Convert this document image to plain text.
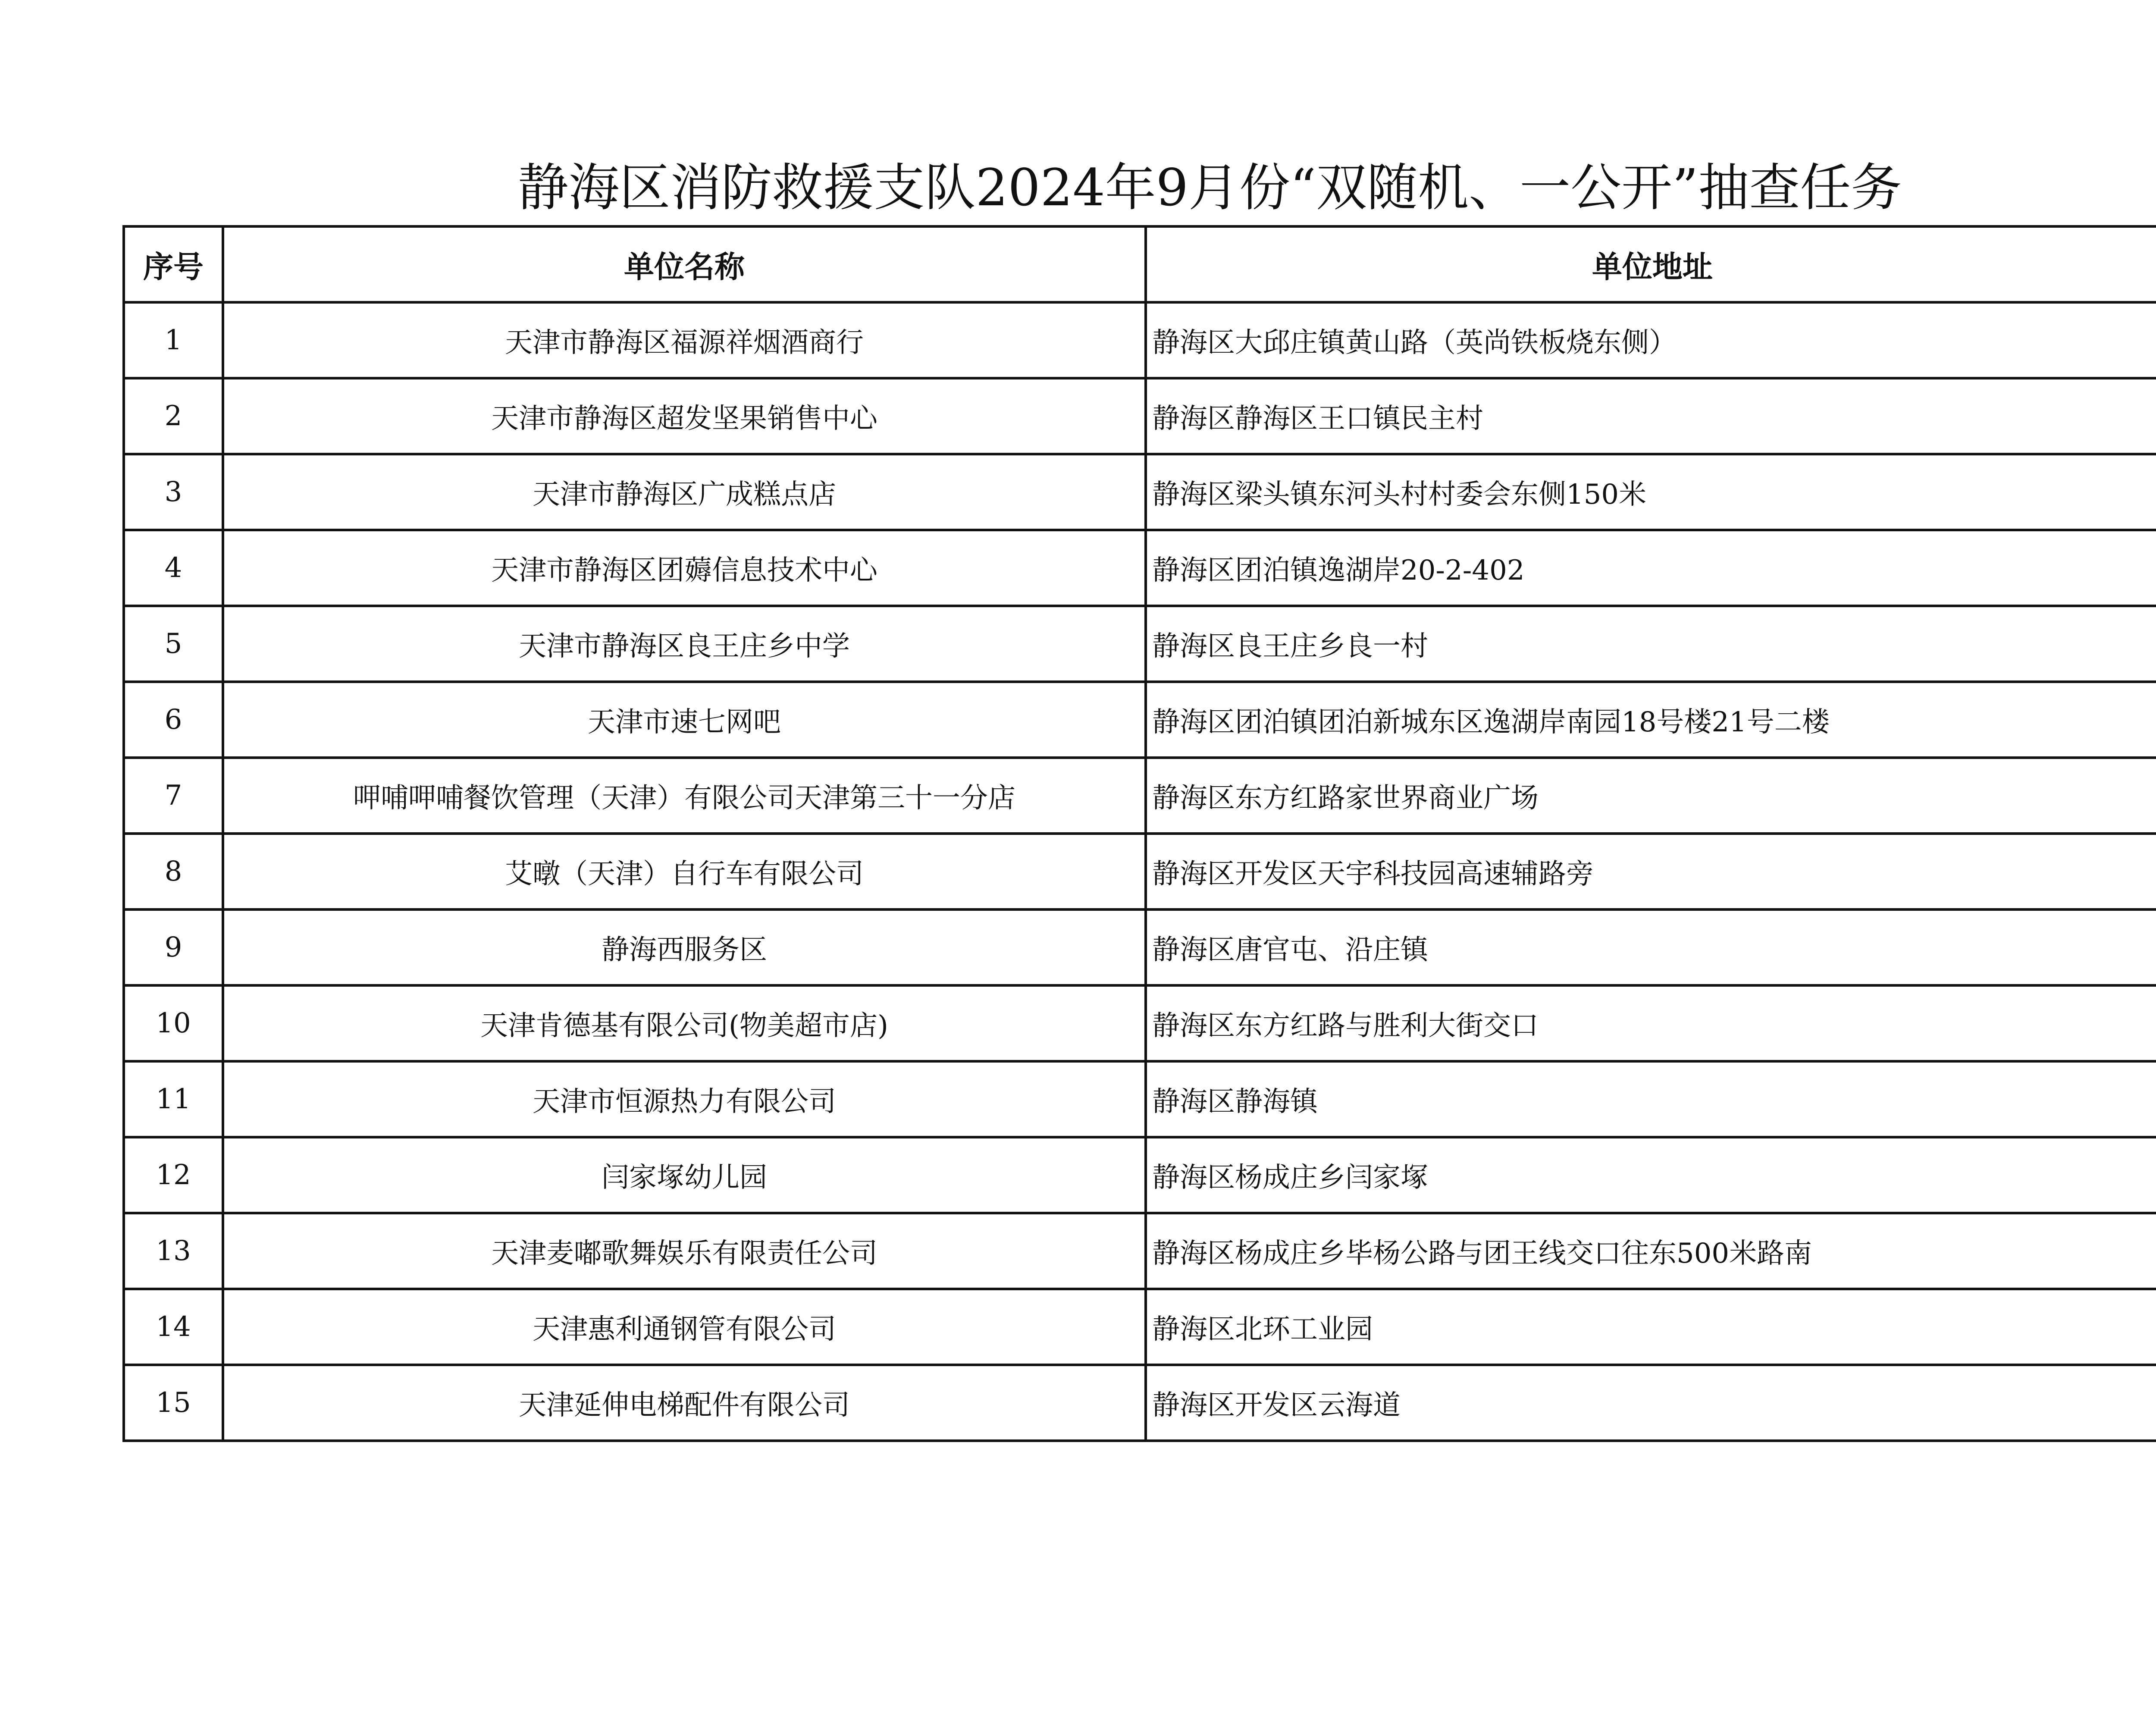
静海区消防救援支队2024年9月份“双随机、一公开”抽查任务
序号	单位名称	单位地址	
1	天津市静海区福源祥烟酒商行	静海区大邱庄镇黄山路（英尚铁板烧东侧）	
2	天津市静海区超发坚果销售中心	静海区静海区王口镇民主村	
3	天津市静海区广成糕点店	静海区梁头镇东河头村村委会东侧150米	
4	天津市静海区团薅信息技术中心	静海区团泊镇逸湖岸20-2-402	
5	天津市静海区良王庄乡中学	静海区良王庄乡良一村	
6	天津市速七网吧	静海区团泊镇团泊新城东区逸湖岸南园18号楼21号二楼	
7	呷哺呷哺餐饮管理（天津）有限公司天津第三十一分店	静海区东方红路家世界商业广场	
8	艾暾（天津）自行车有限公司	静海区开发区天宇科技园高速辅路旁	
9	静海西服务区	静海区唐官屯、沿庄镇	
10	天津肯德基有限公司(物美超市店)	静海区东方红路与胜利大街交口	
11	天津市恒源热力有限公司	静海区静海镇	
12	闫家塚幼儿园	静海区杨成庄乡闫家塚	
13	天津麦嘟歌舞娱乐有限责任公司	静海区杨成庄乡毕杨公路与团王线交口往东500米路南	
14	天津惠利通钢管有限公司	静海区北环工业园	
15	天津延伸电梯配件有限公司	静海区开发区云海道	
